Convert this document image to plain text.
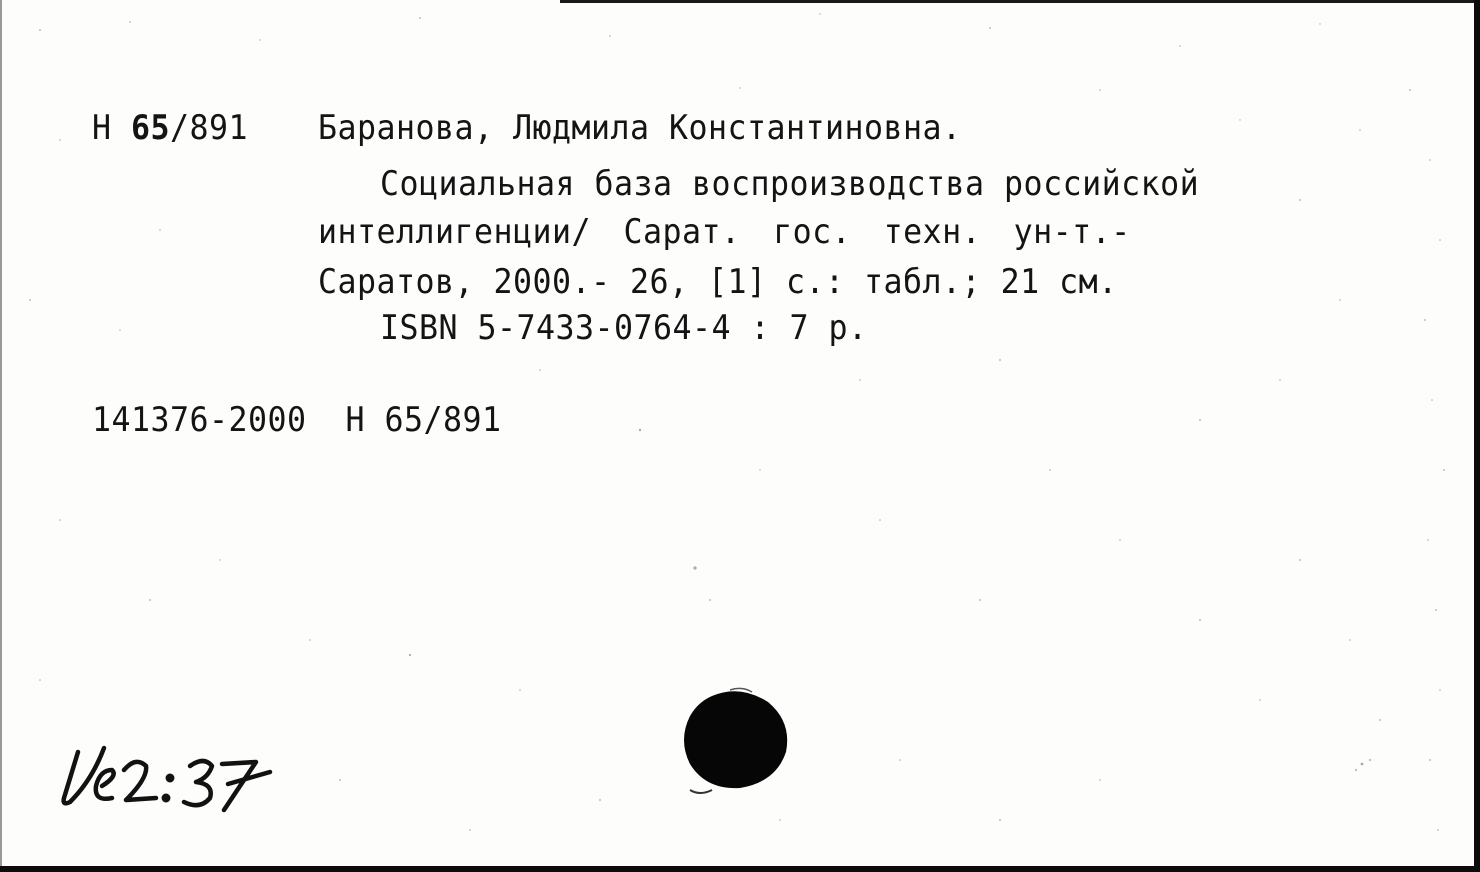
Н 65/891 Баранова, Людмила Константиновна.
Социальная база воспроизводства российской
интеллигенции/ Сарат. гос. техн. ун-т.-
Саратов, 2000.- 26, [1] с.: табл.; 21 см.
ISBN 5-7433-0764-4 : 7 р.
141376-2000  Н 65/891
